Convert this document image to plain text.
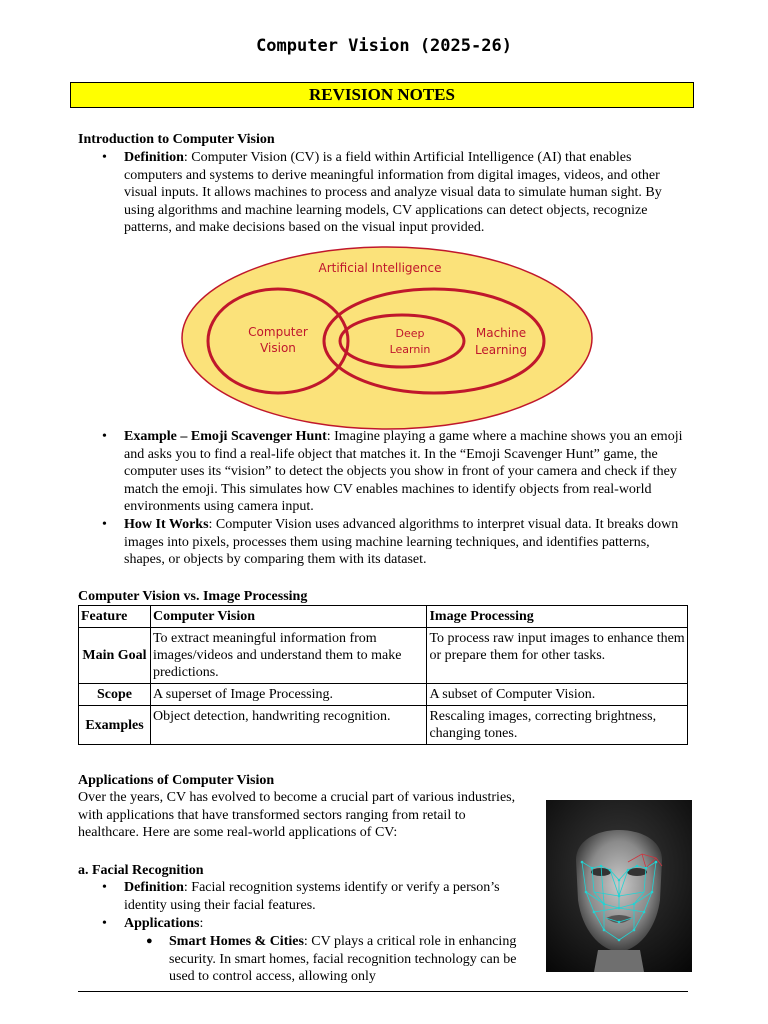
Computer Vision (2025-26)
REVISION NOTES
Introduction to Computer Vision
• Definition: Computer Vision (CV) is a field within Artificial Intelligence (AI) that enables computers and systems to derive meaningful information from digital images, videos, and other visual inputs. It allows machines to process and analyze visual data to simulate human sight. By using algorithms and machine learning models, CV applications can detect objects, recognize patterns, and make decisions based on the visual input provided.
Artificial Intelligence
Computer
Vision
Deep
Learnin
Machine
Learning
• Example – Emoji Scavenger Hunt: Imagine playing a game where a machine shows you an emoji and asks you to find a real-life object that matches it. In the “Emoji Scavenger Hunt” game, the computer uses its “vision” to detect the objects you show in front of your camera and check if they match the emoji. This simulates how CV enables machines to identify objects from real-world environments using camera input.
• How It Works: Computer Vision uses advanced algorithms to interpret visual data. It breaks down images into pixels, processes them using machine learning techniques, and identifies patterns, shapes, or objects by comparing them with its dataset.
Computer Vision vs. Image Processing
Feature	Computer Vision	Image Processing
Main Goal	To extract meaningful information from images/videos and understand them to make predictions.	To process raw input images to enhance them or prepare them for other tasks.
Scope	A superset of Image Processing.	A subset of Computer Vision.
Examples	Object detection, handwriting recognition.	Rescaling images, correcting brightness, changing tones.
Applications of Computer Vision
Over the years, CV has evolved to become a crucial part of various industries, with applications that have transformed sectors ranging from retail to healthcare. Here are some real-world applications of CV:
a. Facial Recognition
• Definition: Facial recognition systems identify or verify a person’s identity using their facial features.
• Applications:
● Smart Homes & Cities: CV plays a critical role in enhancing security. In smart homes, facial recognition technology can be used to control access, allowing only
